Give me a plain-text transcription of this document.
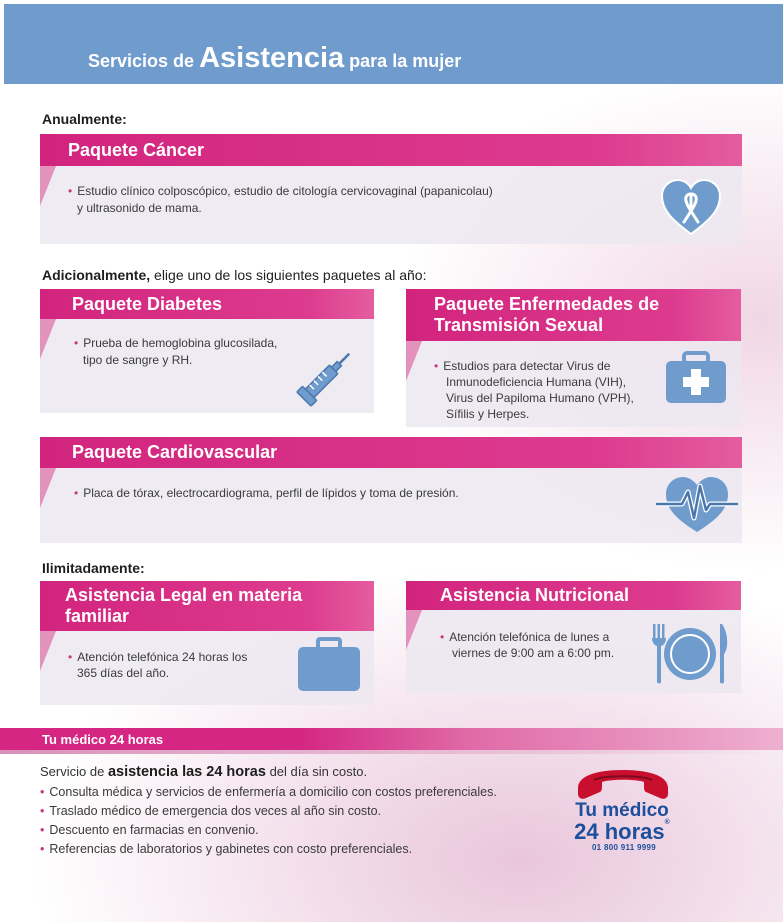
Servicios de Asistencia para la mujer
Anualmente:
Paquete Cáncer
• Estudio clínico colposcópico, estudio de citología cervicovaginal (papanicolau)
y ultrasonido de mama.
Adicionalmente, elige uno de los siguientes paquetes al año:
Paquete Diabetes
• Prueba de hemoglobina glucosilada,
tipo de sangre y RH.
Paquete Enfermedades de
Transmisión Sexual
• Estudios para detectar Virus de
Inmunodeficiencia Humana (VIH),
Virus del Papiloma Humano (VPH),
Sífilis y Herpes.
Paquete Cardiovascular
• Placa de tórax, electrocardiograma, perfil de lípidos y toma de presión.
Ilimitadamente:
Asistencia Legal en materia
familiar
• Atención telefónica 24 horas los
365 días del año.
Asistencia Nutricional
• Atención telefónica de lunes a
viernes de 9:00 am a 6:00 pm.
Tu médico 24 horas
Servicio de asistencia las 24 horas del día sin costo.
• Consulta médica y servicios de enfermería a domicilio con costos preferenciales.
• Traslado médico de emergencia dos veces al año sin costo.
• Descuento en farmacias en convenio.
• Referencias de laboratorios y gabinetes con costo preferenciales.
Tu médico
24 horas®
01 800 911 9999
